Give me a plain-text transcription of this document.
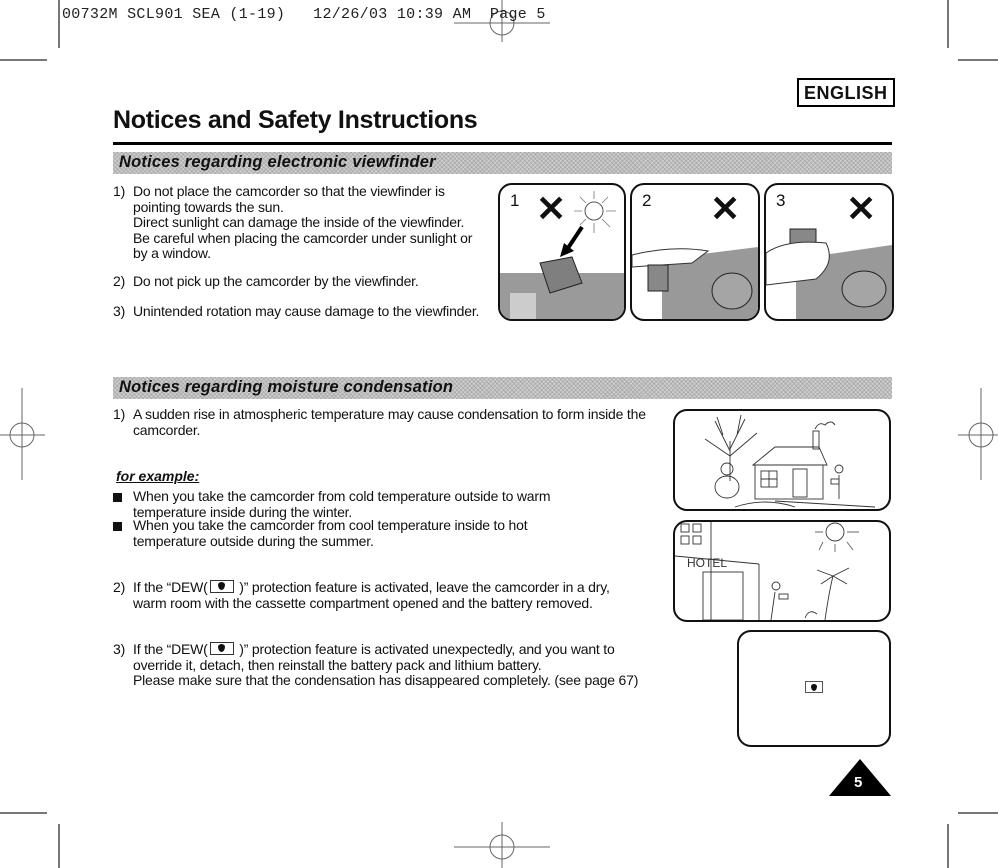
00732M SCL901 SEA (1-19)   12/26/03 10:39 AM  Page 5
ENGLISH
Notices and Safety Instructions
Notices regarding electronic viewfinder
1) Do not place the camcorder so that the viewfinder is
pointing towards the sun.
Direct sunlight can damage the inside of the viewfinder.
Be careful when placing the camcorder under sunlight or
by a window.
2) Do not pick up the camcorder by the viewfinder.
3) Unintended rotation may cause damage to the viewfinder.
1 ✕	2 ✕ 3 ✕
Notices regarding moisture condensation
1) A sudden rise in atmospheric temperature may cause condensation to form inside the
camcorder.
for example:
When you take the camcorder from cold temperature outside to warm
temperature inside during the winter.
When you take the camcorder from cool temperature inside to hot
temperature outside during the summer.
2) If the “DEW( )” protection feature is activated, leave the camcorder in a dry,
warm room with the cassette compartment opened and the battery removed.
3) If the “DEW( )” protection feature is activated unexpectedly, and you want to
override it, detach, then reinstall the battery pack and lithium battery.
Please make sure that the condensation has disappeared completely. (see page 67)
HOTEL
5
